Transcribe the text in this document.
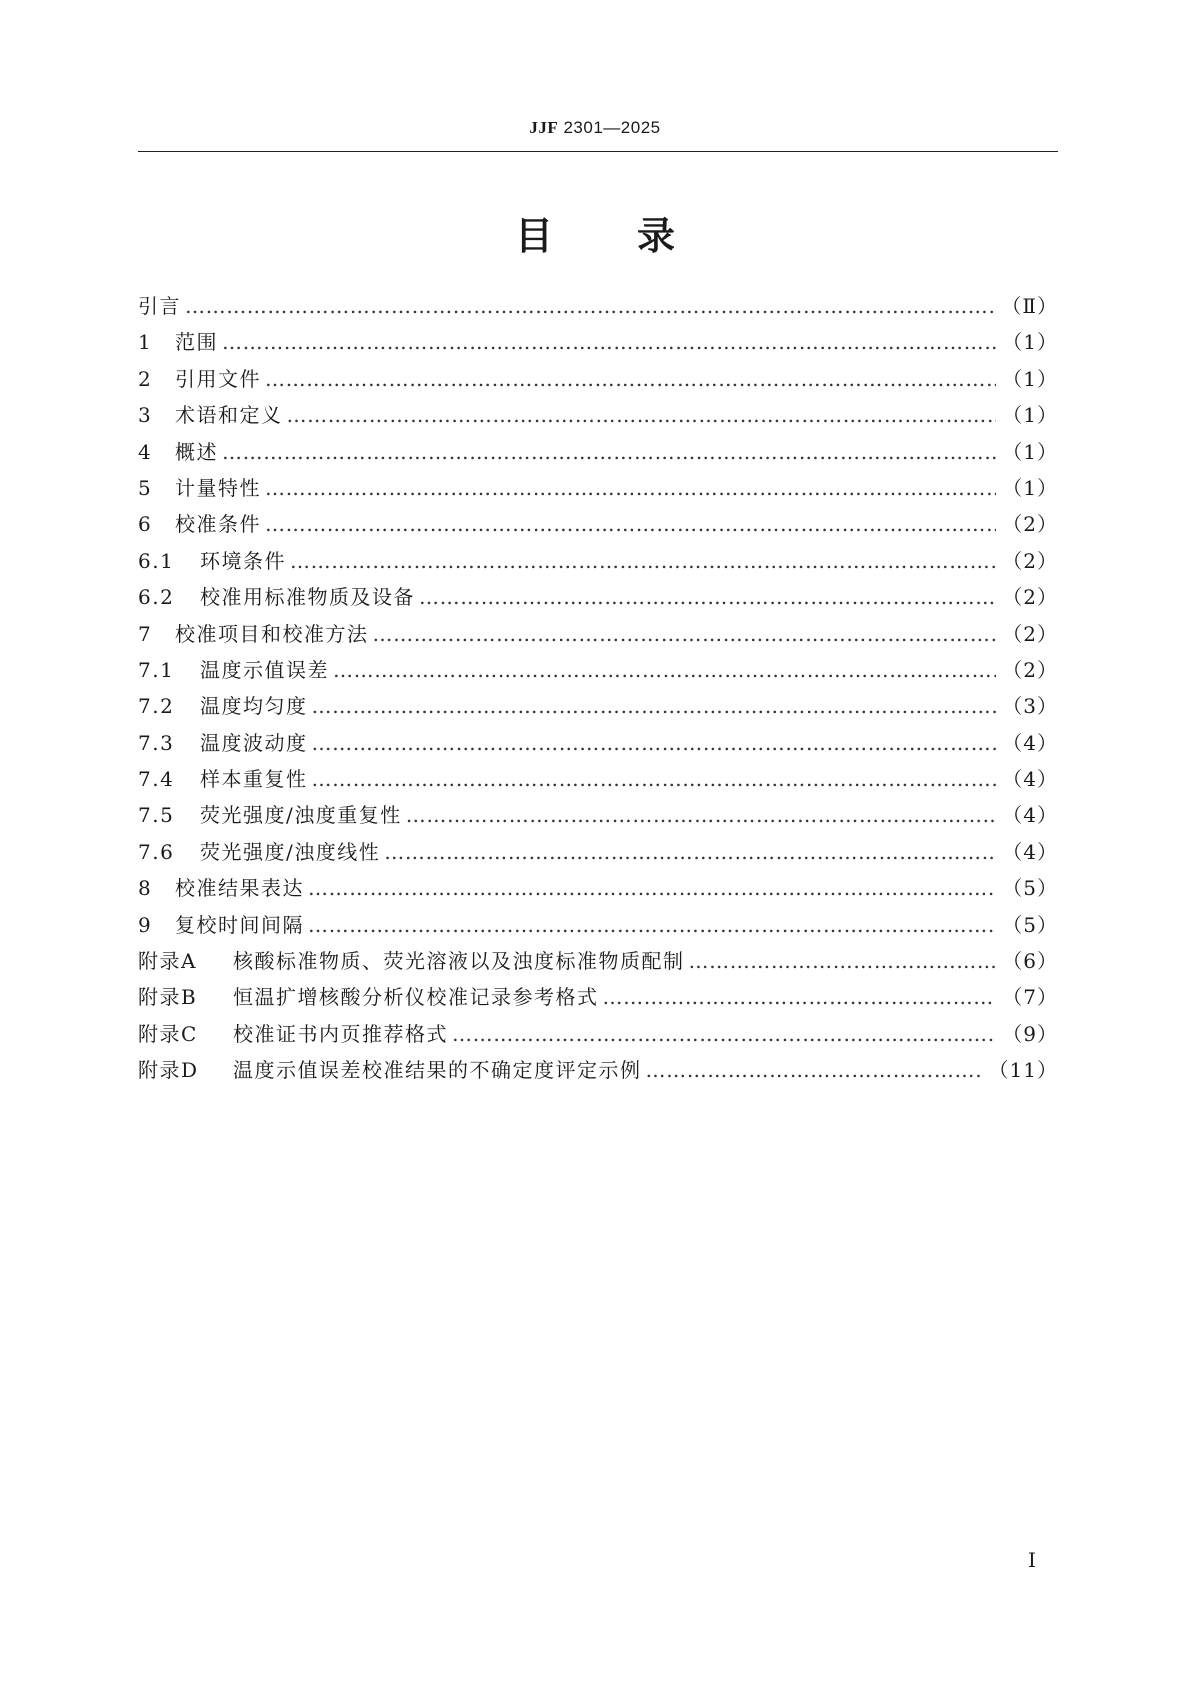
JJF 2301—2025
目录
引言 …………………………………………………………………………………………………………………………………………………………………………………………………………	（Ⅱ）
1	范围 …………………………………………………………………………………………………………………………………………………………………………………………………………	（1）
2	引用文件 …………………………………………………………………………………………………………………………………………………………………………………………………………	（1）
3	术语和定义 …………………………………………………………………………………………………………………………………………………………………………………………………………	（1）
4	概述 …………………………………………………………………………………………………………………………………………………………………………………………………………	（1）
5	计量特性 …………………………………………………………………………………………………………………………………………………………………………………………………………	（1）
6	校准条件 …………………………………………………………………………………………………………………………………………………………………………………………………………	（2）
6.1	环境条件 …………………………………………………………………………………………………………………………………………………………………………………………………………	（2）
6.2	校准用标准物质及设备 …………………………………………………………………………………………………………………………………………………………………………………………………………	（2）
7	校准项目和校准方法 …………………………………………………………………………………………………………………………………………………………………………………………………………	（2）
7.1	温度示值误差 …………………………………………………………………………………………………………………………………………………………………………………………………………	（2）
7.2	温度均匀度 …………………………………………………………………………………………………………………………………………………………………………………………………………	（3）
7.3	温度波动度 …………………………………………………………………………………………………………………………………………………………………………………………………………	（4）
7.4	样本重复性 …………………………………………………………………………………………………………………………………………………………………………………………………………	（4）
7.5	荧光强度/浊度重复性 …………………………………………………………………………………………………………………………………………………………………………………………………………	（4）
7.6	荧光强度/浊度线性 …………………………………………………………………………………………………………………………………………………………………………………………………………	（4）
8	校准结果表达 …………………………………………………………………………………………………………………………………………………………………………………………………………	（5）
9	复校时间间隔 …………………………………………………………………………………………………………………………………………………………………………………………………………	（5）
附录A	核酸标准物质、荧光溶液以及浊度标准物质配制 …………………………………………………………………………………………………………………………………………………………………………………………………………	（6）
附录B	恒温扩增核酸分析仪校准记录参考格式 …………………………………………………………………………………………………………………………………………………………………………………………………………	（7）
附录C	校准证书内页推荐格式 …………………………………………………………………………………………………………………………………………………………………………………………………………	（9）
附录D	温度示值误差校准结果的不确定度评定示例 …………………………………………………………………………………………………………………………………………………………………………………………………………	（11）
Ⅰ
